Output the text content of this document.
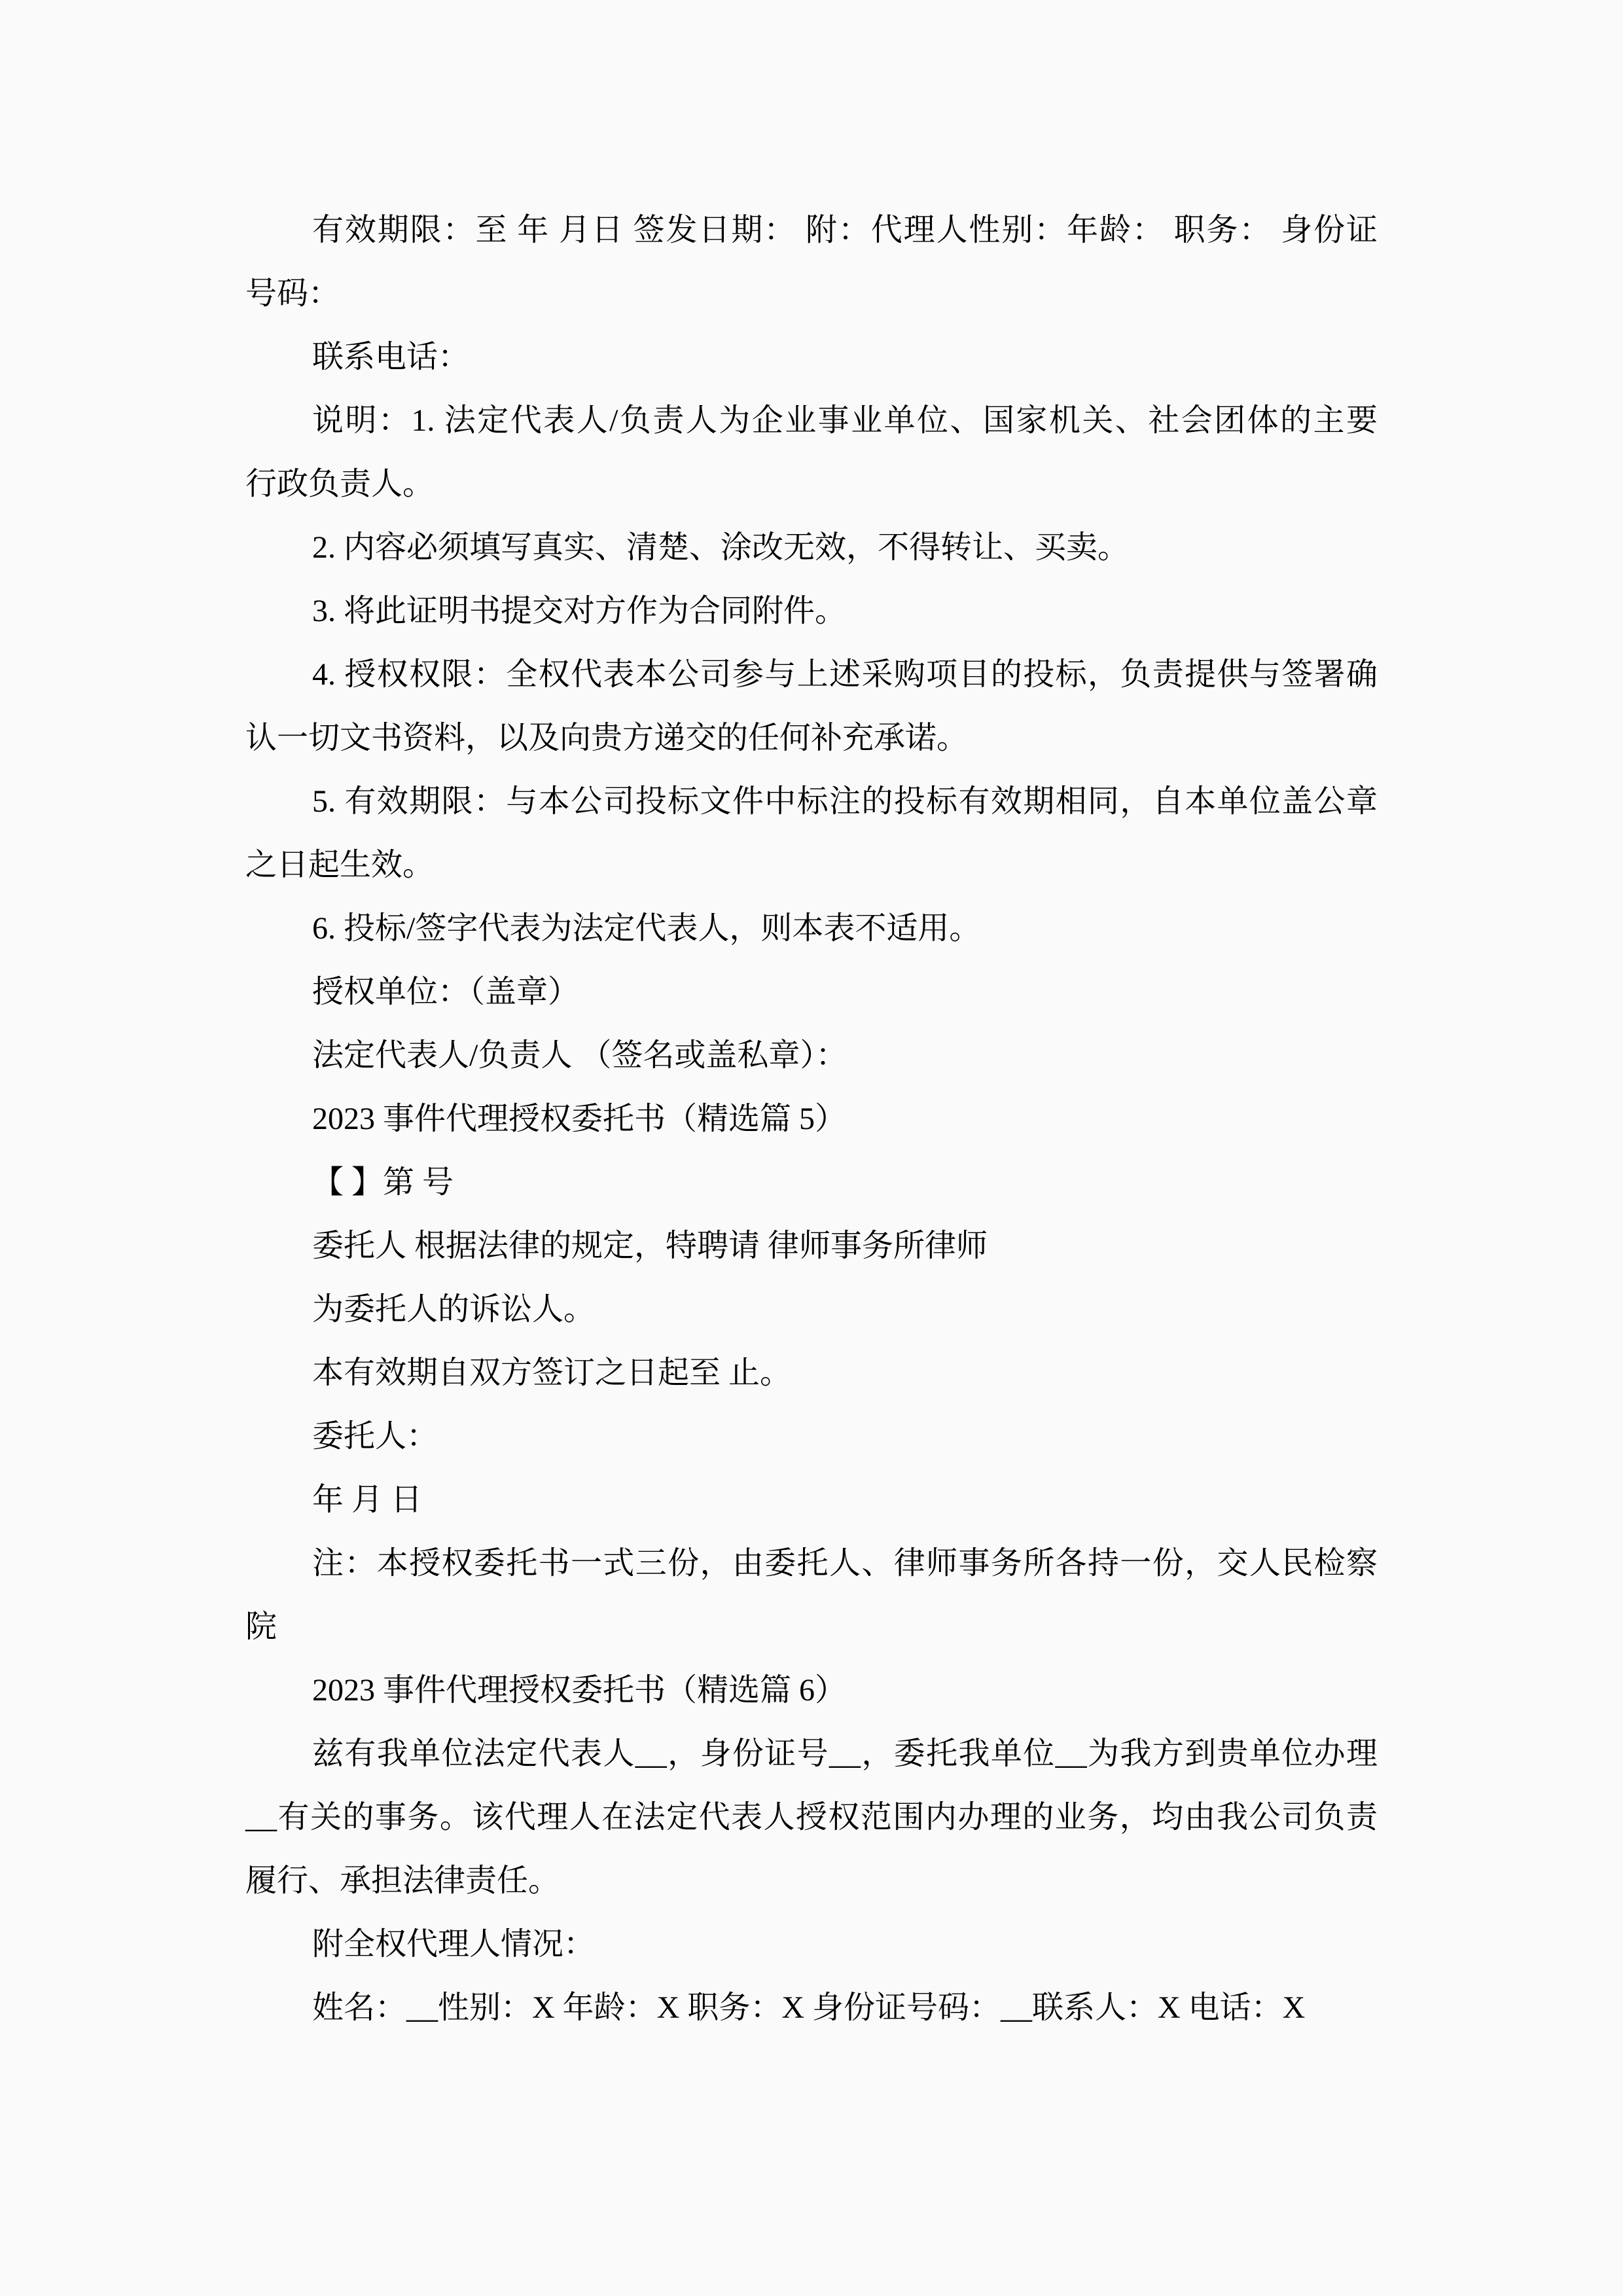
有效期限：至 年 月日 签发日期： 附：代理人性别：年龄： 职务： 身份证
号码：
联系电话：
说明：1. 法定代表人/负责人为企业事业单位、国家机关、社会团体的主要
行政负责人。
2. 内容必须填写真实、清楚、涂改无效，不得转让、买卖。
3. 将此证明书提交对方作为合同附件。
4. 授权权限：全权代表本公司参与上述采购项目的投标，负责提供与签署确
认一切文书资料，以及向贵方递交的任何补充承诺。
5. 有效期限：与本公司投标文件中标注的投标有效期相同，自本单位盖公章
之日起生效。
6. 投标/签字代表为法定代表人，则本表不适用。
授权单位：（盖章）
法定代表人/负责人 （签名或盖私章）：
2023 事件代理授权委托书（精选篇 5）
【 】第 号
委托人 根据法律的规定，特聘请 律师事务所律师
为委托人的诉讼人。
本有效期自双方签订之日起至 止。
委托人：
年 月 日
注：本授权委托书一式三份，由委托人、律师事务所各持一份，交人民检察
院
2023 事件代理授权委托书（精选篇 6）
兹有我单位法定代表人__，身份证号__，委托我单位__为我方到贵单位办理
__有关的事务。该代理人在法定代表人授权范围内办理的业务，均由我公司负责
履行、承担法律责任。
附全权代理人情况：
姓名：__性别：X 年龄：X 职务：X 身份证号码：__联系人：X 电话：X
